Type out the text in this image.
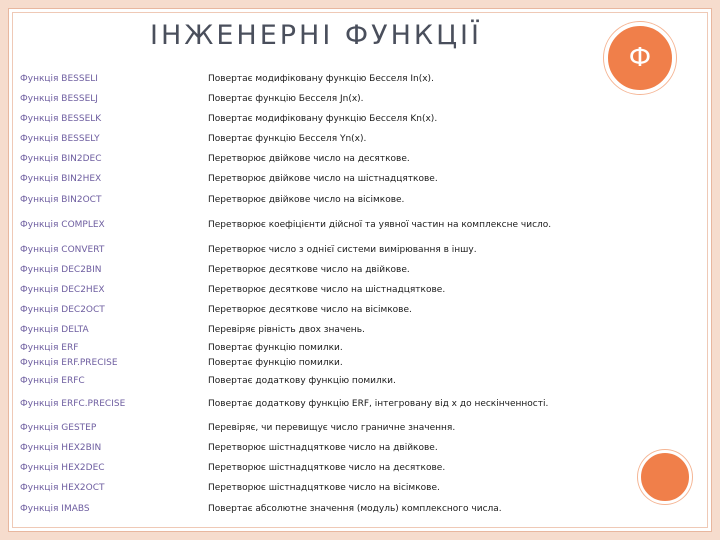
ІНЖЕНЕРНІ ФУНКЦІЇ
Ф
Функція BESSELI	Повертає модифіковану функцію Бесселя In(x).
Функція BESSELJ	Повертає функцію Бесселя Jn(x).
Функція BESSELK	Повертає модифіковану функцію Бесселя Kn(x).
Функція BESSELY	Повертає функцію Бесселя Yn(x).
Функція BIN2DEC	Перетворює двійкове число на десяткове.
Функція BIN2HEX	Перетворює двійкове число на шістнадцяткове.
Функція BIN2OCT	Перетворює двійкове число на вісімкове.
Функція COMPLEX	Перетворює коефіцієнти дійсної та уявної частин на комплексне число.
Функція CONVERT	Перетворює число з однієї системи вимірювання в іншу.
Функція DEC2BIN	Перетворює десяткове число на двійкове.
Функція DEC2HEX	Перетворює десяткове число на шістнадцяткове.
Функція DEC2OCT	Перетворює десяткове число на вісімкове.
Функція DELTA	Перевіряє рівність двох значень.
Функція ERF	Повертає функцію помилки.
Функція ERF.PRECISE	Повертає функцію помилки.
Функція ERFC	Повертає додаткову функцію помилки.
Функція ERFC.PRECISE	Повертає додаткову функцію ERF, інтегровану від x до нескінченності.
Функція GESTEP	Перевіряє, чи перевищує число граничне значення.
Функція HEX2BIN	Перетворює шістнадцяткове число на двійкове.
Функція HEX2DEC	Перетворює шістнадцяткове число на десяткове.
Функція HEX2OCT	Перетворює шістнадцяткове число на вісімкове.
Функція IMABS	Повертає абсолютне значення (модуль) комплексного числа.
